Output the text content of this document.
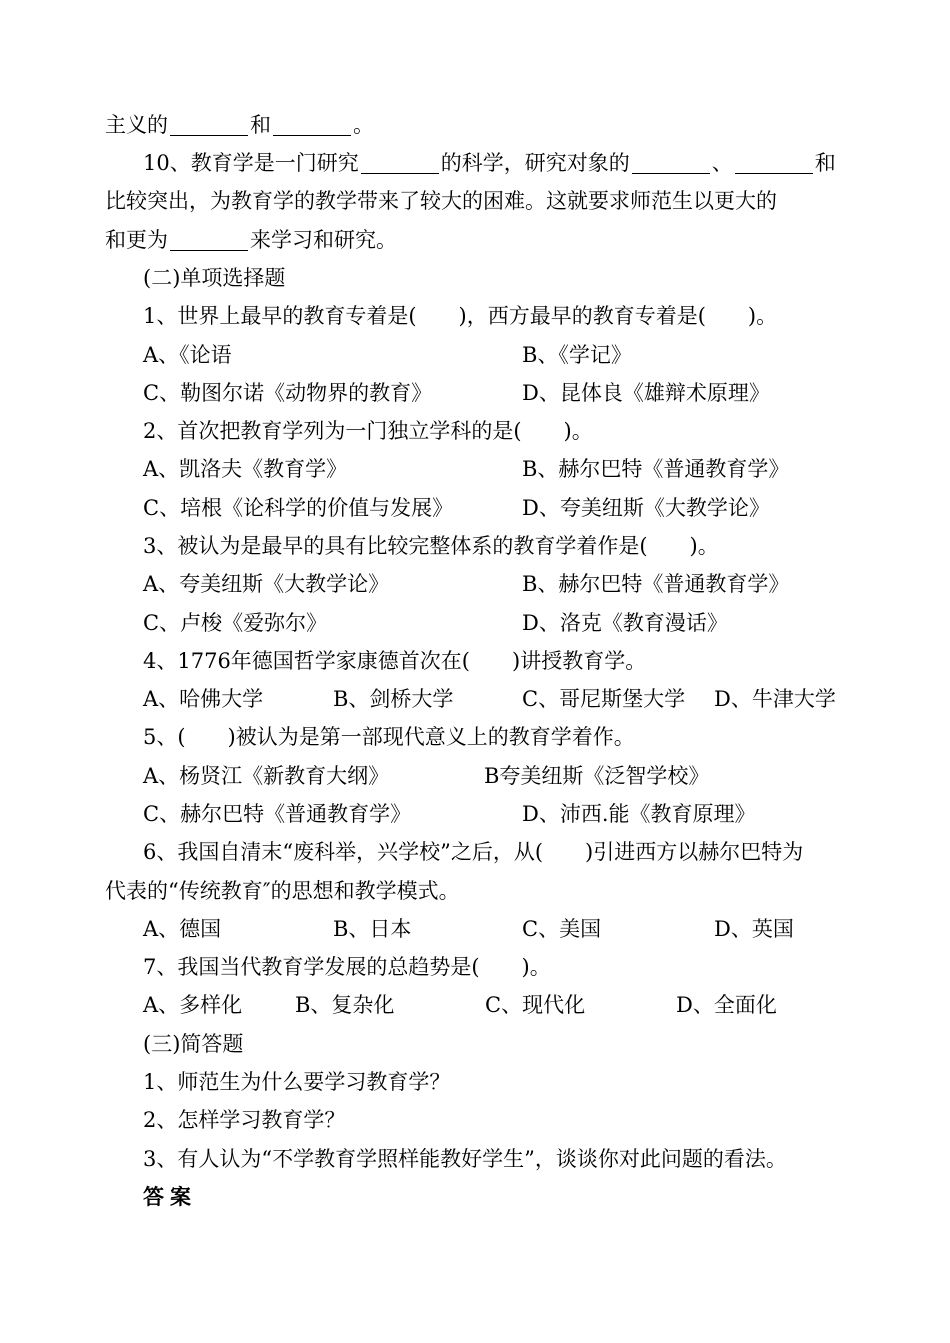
主义的	和	。
10、教育学是一门研究	的科学，研究对象的	、	和
比较突出，为教育学的教学带来了较大的困难。这就要求师范生以更大的
和更为	来学习和研究。
(二)单项选择题
1、世界上最早的教育专着是(　　)，西方最早的教育专着是(　　)。
A、《论语	B、《学记》
C、勒图尔诺《动物界的教育》	D、昆体良《雄辩术原理》
2、首次把教育学列为一门独立学科的是(　　)。
A、凯洛夫《教育学》	B、赫尔巴特《普通教育学》
C、培根《论科学的价值与发展》	D、夸美纽斯《大教学论》
3、被认为是最早的具有比较完整体系的教育学着作是(　　)。
A、夸美纽斯《大教学论》	B、赫尔巴特《普通教育学》
C、卢梭《爱弥尔》	D、洛克《教育漫话》
4、1776年德国哲学家康德首次在(　　)讲授教育学。
A、哈佛大学	B、剑桥大学	C、哥尼斯堡大学 D、牛津大学
5、(　　)被认为是第一部现代意义上的教育学着作。
A、杨贤江《新教育大纲》	B夸美纽斯《泛智学校》
C、赫尔巴特《普通教育学》	D、沛西.能《教育原理》
6、我国自清末“废科举，兴学校”之后，从(　　)引进西方以赫尔巴特为
代表的“传统教育″的思想和教学模式。
A、德国	B、日本	C、美国	D、英国
7、我国当代教育学发展的总趋势是(　　)。
A、多样化	B、复杂化	C、现代化	D、全面化
(三)简答题
1、师范生为什么要学习教育学？
2、怎样学习教育学？
3、有人认为“不学教育学照样能教好学生”，谈谈你对此问题的看法。
答案
